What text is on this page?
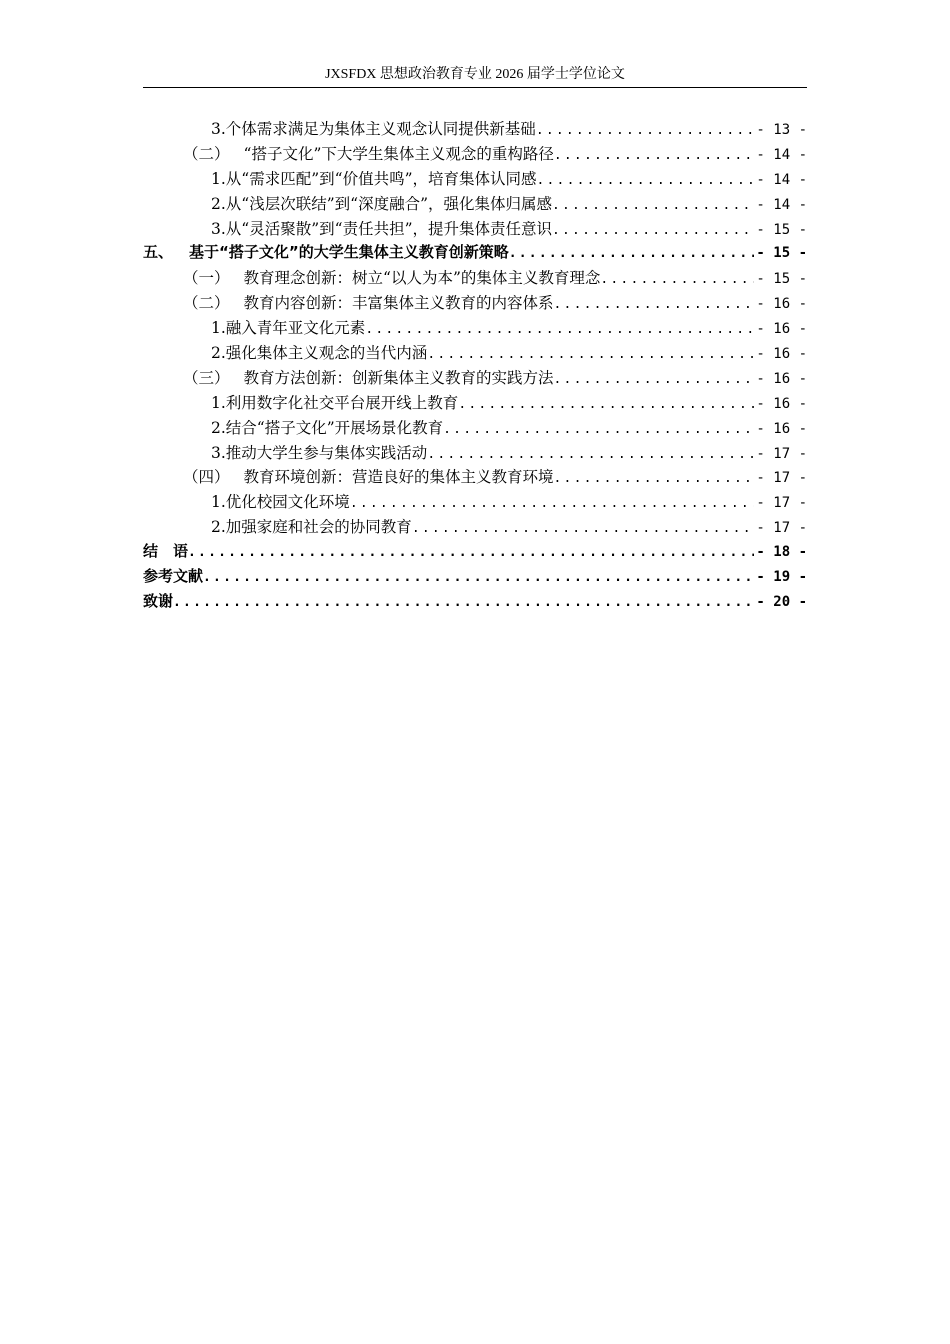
JXSFDX 思想政治教育专业 2026 届学士学位论文
3.个体需求满足为集体主义观念认同提供新基础 .....	- 13 -
（二） “搭子文化”下大学生集体主义观念的重构路径 .....	- 14 -
1.从“需求匹配”到“价值共鸣”，培育集体认同感 .....	- 14 -
2.从“浅层次联结”到“深度融合”，强化集体归属感 .....	- 14 -
3.从“灵活聚散”到“责任共担”，提升集体责任意识 .....	- 15 -
五、 基于“搭子文化”的大学生集体主义教育创新策略 .....	- 15 -
（一） 教育理念创新：树立“以人为本”的集体主义教育理念 .....	- 15 -
（二） 教育内容创新：丰富集体主义教育的内容体系 .....	- 16 -
1.融入青年亚文化元素 .....	- 16 -
2.强化集体主义观念的当代内涵 .....	- 16 -
（三） 教育方法创新：创新集体主义教育的实践方法 .....	- 16 -
1.利用数字化社交平台展开线上教育 .....	- 16 -
2.结合“搭子文化”开展场景化教育 .....	- 16 -
3.推动大学生参与集体实践活动 .....	- 17 -
（四） 教育环境创新：营造良好的集体主义教育环境 .....	- 17 -
1.优化校园文化环境 .....	- 17 -
2.加强家庭和社会的协同教育 .....	- 17 -
结　语 .....	- 18 -
参考文献 .....	- 19 -
致谢 .....	- 20 -
